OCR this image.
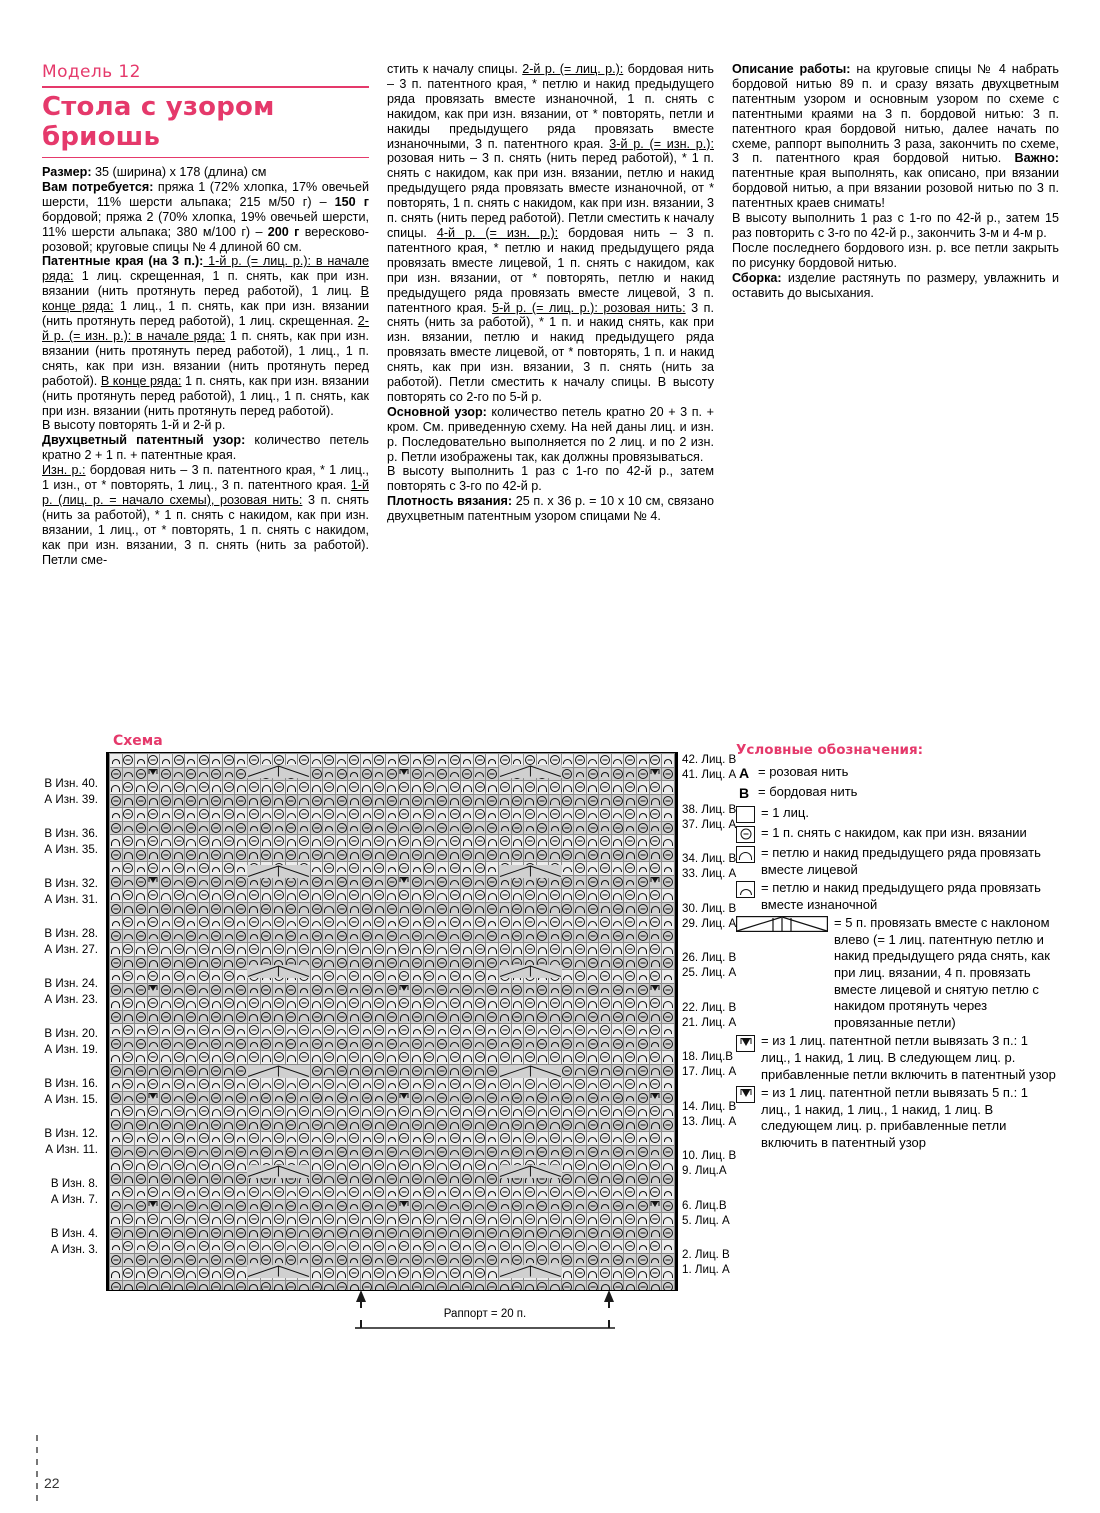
Модель 12
Стола с узором бриошь

Размер: 35 (ширина) x 178 (длина) см
Вам потребуется: пряжа 1 (72% хлопка, 17% овечьей шерсти, 11% шерсти альпака; 215 м/50 г) – 150 г бордовой; пряжа 2 (70% хлопка, 19% овечьей шерсти, 11% шерсти альпака; 380 м/100 г) – 200 г вересково-розовой; круговые спицы № 4 длиной 60 см.
Патентные края (на 3 п.): 1-й р. (= лиц. р.): в начале ряда: 1 лиц. скрещенная, 1 п. снять, как при изн. вязании (нить протянуть перед работой), 1 лиц. В конце ряда: 1 лиц., 1 п. снять, как при изн. вязании (нить протянуть перед работой), 1 лиц. скрещенная. 2-й р. (= изн. р.): в начале ряда: 1 п. снять, как при изн. вязании (нить протянуть перед работой), 1 лиц., 1 п. снять, как при изн. вязании (нить протянуть перед работой). В конце ряда: 1 п. снять, как при изн. вязании (нить протянуть перед работой), 1 лиц., 1 п. снять, как при изн. вязании (нить протянуть перед работой).
В высоту повторять 1-й и 2-й р.
Двухцветный патентный узор: количество петель кратно 2 + 1 п. + патентные края.
Изн. р.: бордовая нить – 3 п. патентного края, * 1 лиц., 1 изн., от * повторять, 1 лиц., 3 п. патентного края. 1-й р. (лиц. р. = начало схемы), розовая нить: 3 п. снять (нить за работой), * 1 п. снять с накидом, как при изн. вязании, 1 лиц., от * повторять, 1 п. снять с накидом, как при изн. вязании, 3 п. снять (нить за работой). Петли сме-

стить к началу спицы. 2-й р. (= лиц. р.): бордовая нить – 3 п. патентного края, * петлю и накид предыдущего ряда провязать вместе изнаночной, 1 п. снять с накидом, как при изн. вязании, от * повторять, петли и накиды предыдущего ряда провязать вместе изнаночными, 3 п. патентного края. 3-й р. (= изн. р.): розовая нить – 3 п. снять (нить перед работой), * 1 п. снять с накидом, как при изн. вязании, петлю и накид предыдущего ряда провязать вместе изнаночной, от * повторять, 1 п. снять с накидом, как при изн. вязании, 3 п. снять (нить перед работой). Петли сместить к началу спицы. 4-й р. (= изн. р.): бордовая нить – 3 п. патентного края, * петлю и накид предыдущего ряда провязать вместе лицевой, 1 п. снять с накидом, как при изн. вязании, от * повторять, петлю и накид предыдущего ряда провязать вместе лицевой, 3 п. патентного края. 5-й р. (= лиц. р.): розовая нить: 3 п. снять (нить за работой), * 1 п. и накид снять, как при изн. вязании, петлю и накид предыдущего ряда провязать вместе лицевой, от * повторять, 1 п. и накид снять, как при изн. вязании, 3 п. снять (нить за работой). Петли сместить к началу спицы. В высоту повторять со 2-го по 5-й р.
Основной узор: количество петель кратно 20 + 3 п. + кром. См. приведенную схему. На ней даны лиц. и изн. р. Последовательно выполняется по 2 лиц. и по 2 изн. р. Петли изображены так, как должны провязываться.
В высоту выполнить 1 раз с 1-го по 42-й р., затем повторять с 3-го по 42-й р.
Плотность вязания: 25 п. х 36 р. = 10 х 10 см, связано двухцветным патентным узором спицами № 4.

Описание работы: на круговые спицы № 4 набрать бордовой нитью 89 п. и сразу вязать двухцветным патентным узором и основным узором по схеме с патентными краями на 3 п. бордовой нитью: 3 п. патентного края бордовой нитью, далее начать по схеме, раппорт выполнить 3 раза, закончить по схеме, 3 п. патентного края бордовой нитью. Важно: патентные края выполнять, как описано, при вязании бордовой нитью, а при вязании розовой нитью по 3 п. патентных краев снимать!
В высоту выполнить 1 раз с 1-го по 42-й р., затем 15 раз повторить с 3-го по 42-й р., закончить 3-м и 4-м р.
После последнего бордового изн. р. все петли закрыть по рисунку бордовой нитью.
Сборка: изделие растянуть по размеру, увлажнить и оставить до высыхания.

Схема
В Изн. 40.
А Изн. 39.
В Изн. 36.
А Изн. 35.
В Изн. 32.
А Изн. 31.
В Изн. 28.
А Изн. 27.
В Изн. 24.
А Изн. 23.
В Изн. 20.
А Изн. 19.
В Изн. 16.
А Изн. 15.
В Изн. 12.
А Изн. 11.
В Изн. 8.
А Изн. 7.
В Изн. 4.
А Изн. 3.

42. Лиц. В
41. Лиц. А
38. Лиц. В
37. Лиц. А
34. Лиц. В
33. Лиц. А
30. Лиц. В
29. Лиц. А
26. Лиц. В
25. Лиц. А
22. Лиц. В
21. Лиц. А
18. Лиц.В
17. Лиц. А
14. Лиц. В
13. Лиц. А
10. Лиц. В
9. Лиц.А
6. Лиц.В
5. Лиц. А
2. Лиц. В
1. Лиц. А
Раппорт = 20 п.
Условные обозначения:
A = розовая нить
B = бордовая нить
= 1 лиц.
= 1 п. снять с накидом, как при изн. вязании
= петлю и накид предыдущего ряда провязать вместе лицевой
= петлю и накид предыдущего ряда провязать вместе изнаночной
= 5 п. провязать вместе с наклоном влево (= 1 лиц. патентную петлю и накид предыдущего ряда снять, как при лиц. вязании, 4 п. провязать вместе лицевой и снятую петлю с накидом протянуть через провязанные петли)
= из 1 лиц. патентной петли вывязать 3 п.: 1 лиц., 1 накид, 1 лиц. В следующем лиц. р. прибавленные петли включить в патентный узор
= из 1 лиц. патентной петли вывязать 5 п.: 1 лиц., 1 накид, 1 лиц., 1 накид, 1 лиц. В следующем лиц. р. прибавленные петли включить в патентный узор
22
